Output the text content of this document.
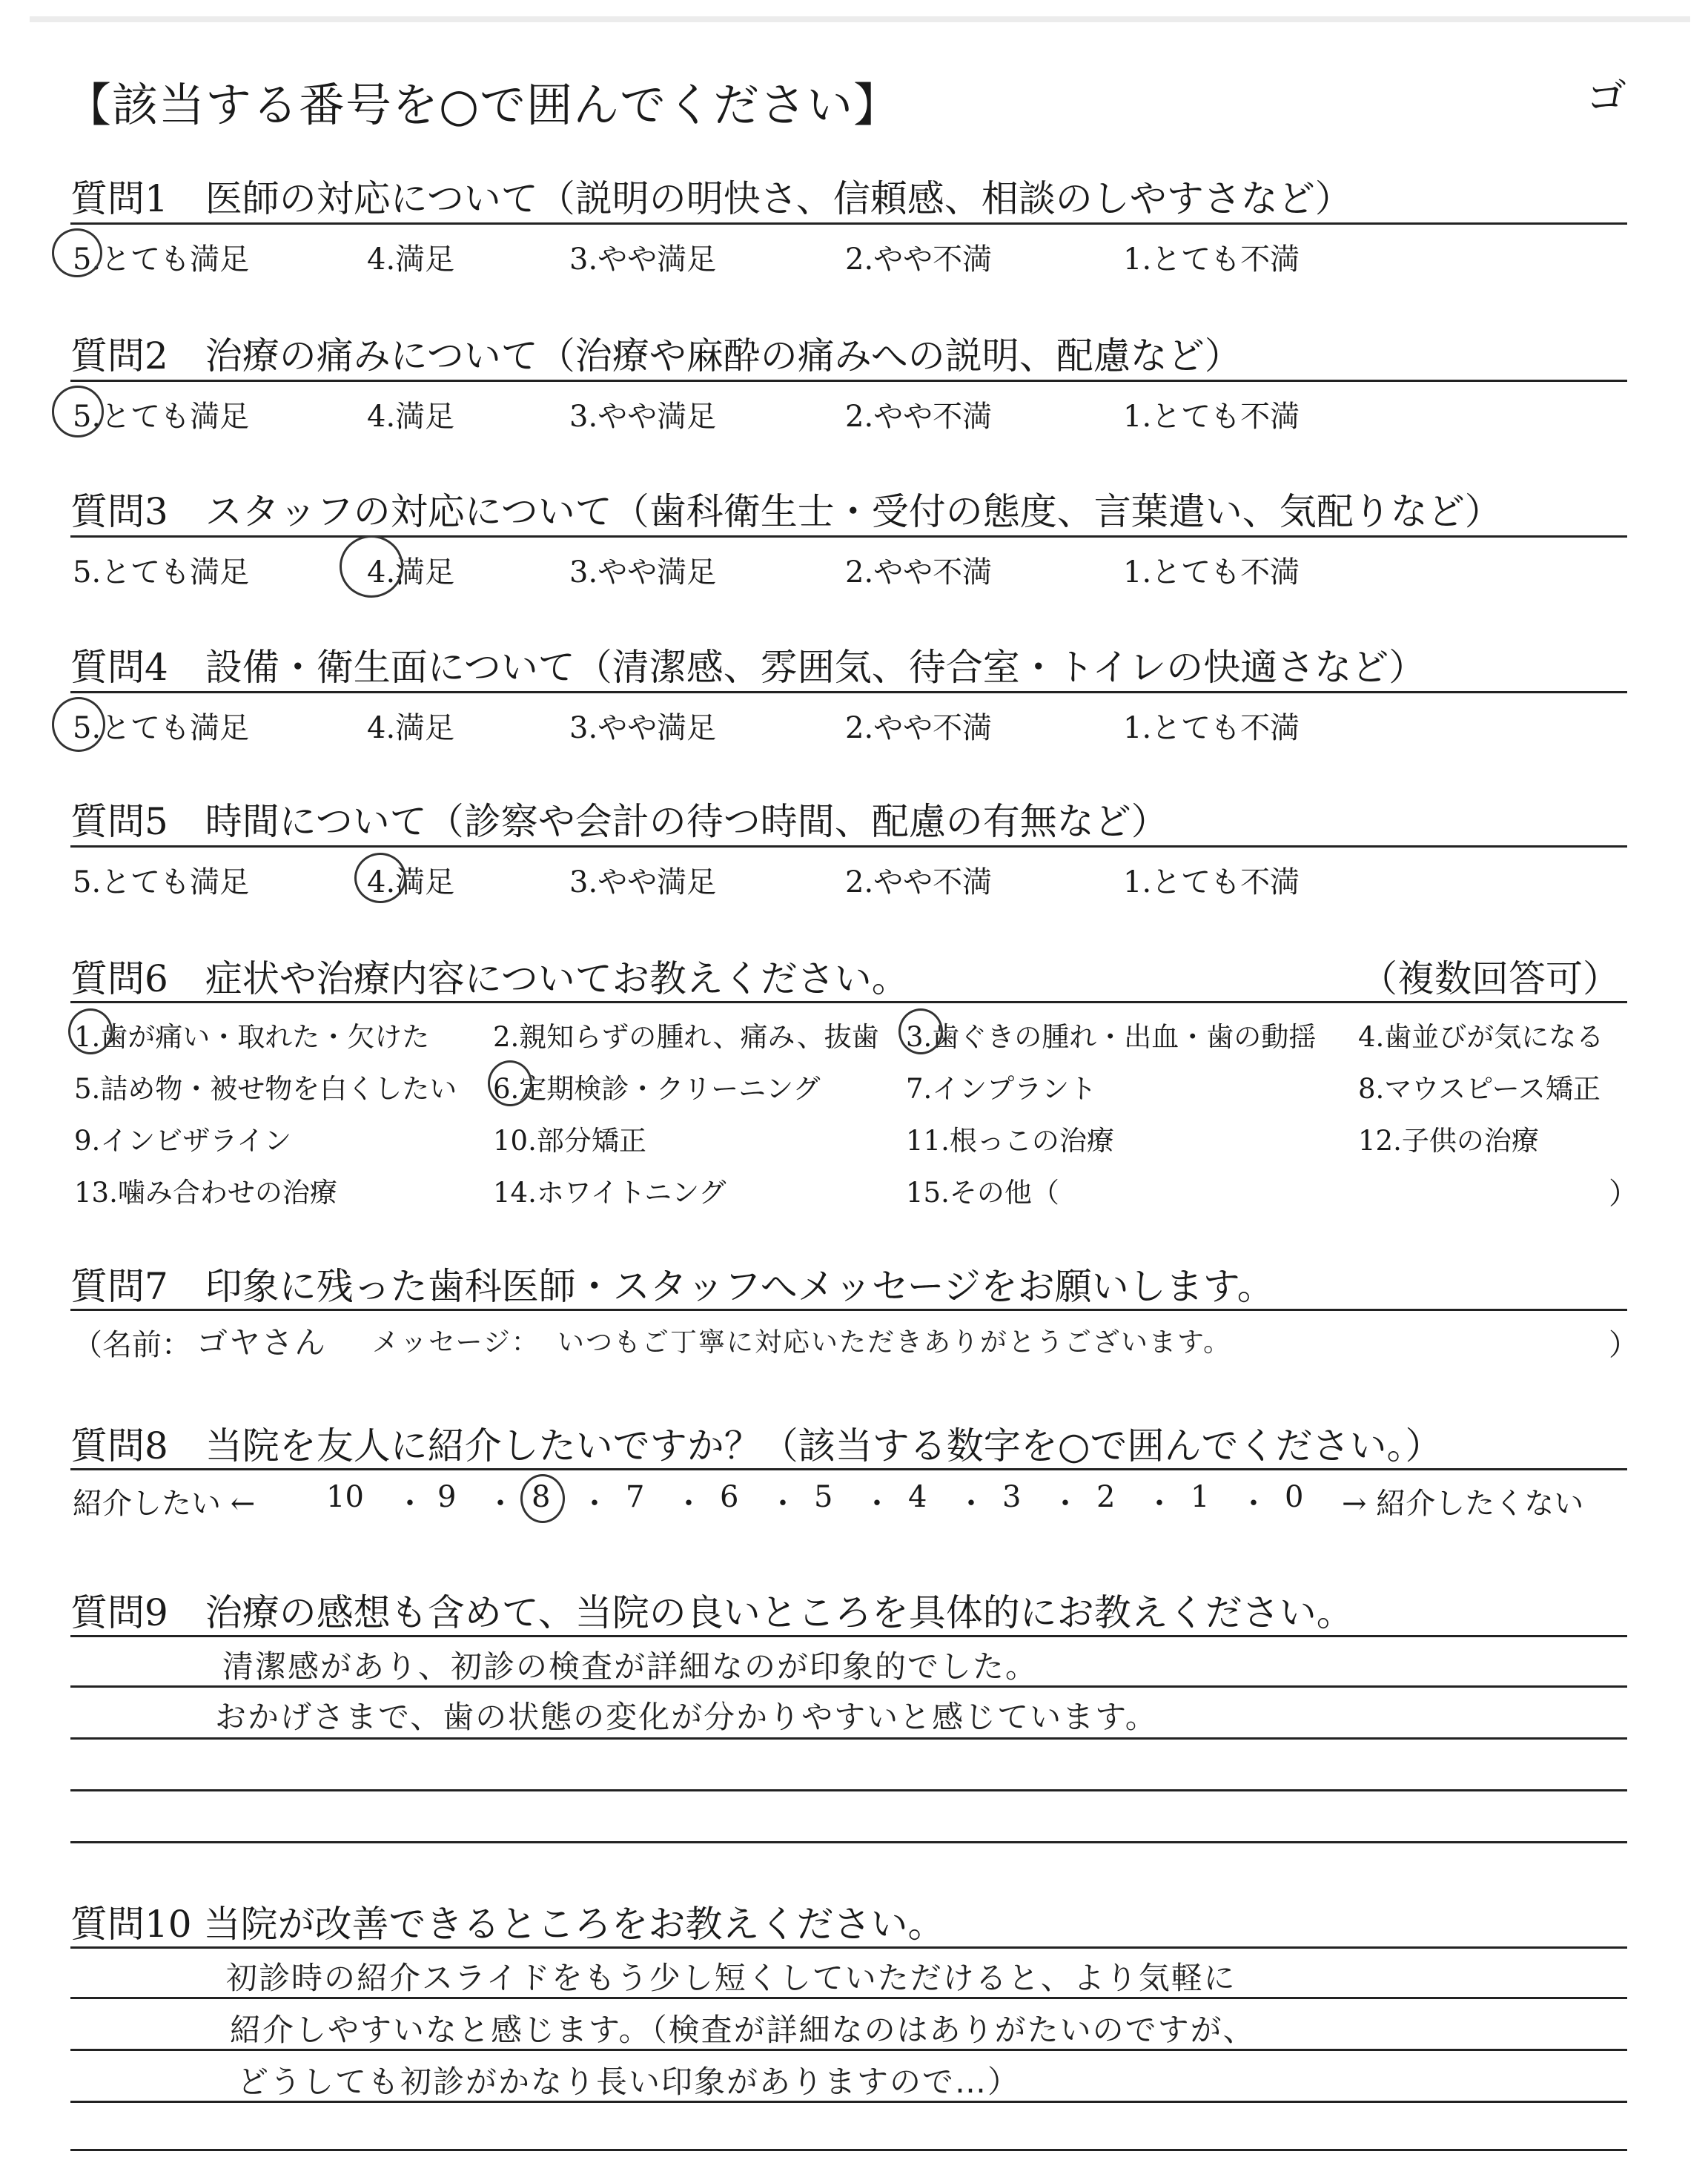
【該当する番号を○で囲んでください】	ゴ
質問1　医師の対応について（説明の明快さ、信頼感、相談のしやすさなど）
5.とても満足	4.満足	3.やや満足	2.やや不満	1.とても不満
質問2　治療の痛みについて（治療や麻酔の痛みへの説明、配慮など）
5.とても満足	4.満足	3.やや満足	2.やや不満	1.とても不満
質問3　スタッフの対応について（歯科衛生士・受付の態度、言葉遣い、気配りなど）
5.とても満足	4.満足	3.やや満足	2.やや不満	1.とても不満
質問4　設備・衛生面について（清潔感、雰囲気、待合室・トイレの快適さなど）
5.とても満足	4.満足	3.やや満足	2.やや不満	1.とても不満
質問5　時間について（診察や会計の待つ時間、配慮の有無など）
5.とても満足	4.満足	3.やや満足	2.やや不満	1.とても不満
質問6　症状や治療内容についてお教えください。	（複数回答可）
1.歯が痛い・取れた・欠けた 2.親知らずの腫れ、痛み、抜歯 3.歯ぐきの腫れ・出血・歯の動揺 4.歯並びが気になる
5.詰め物・被せ物を白くしたい 6.定期検診・クリーニング	7.インプラント	8.マウスピース矯正
9.インビザライン	10.部分矯正	11.根っこの治療	12.子供の治療
13.噛み合わせの治療	14.ホワイトニング	15.その他（	）
質問7　印象に残った歯科医師・スタッフへメッセージをお願いします。
（名前： ゴヤさん メッセージ： いつもご丁寧に対応いただきありがとうございます。	）
質問8　当院を友人に紹介したいですか？（該当する数字を○で囲んでください。）
紹介したい ← 10 9	8	7	6	5	4	3	2	1	0 → 紹介したくない
・ ・ ・ ・ ・ ・ ・ ・ ・ ・
質問9　治療の感想も含めて、当院の良いところを具体的にお教えください。
清潔感があり、初診の検査が詳細なのが印象的でした。
おかげさまで、歯の状態の変化が分かりやすいと感じています。
質問10 当院が改善できるところをお教えください。
初診時の紹介スライドをもう少し短くしていただけると、より気軽に
紹介しやすいなと感じます。（検査が詳細なのはありがたいのですが、
どうしても初診がかなり長い印象がありますので…）
